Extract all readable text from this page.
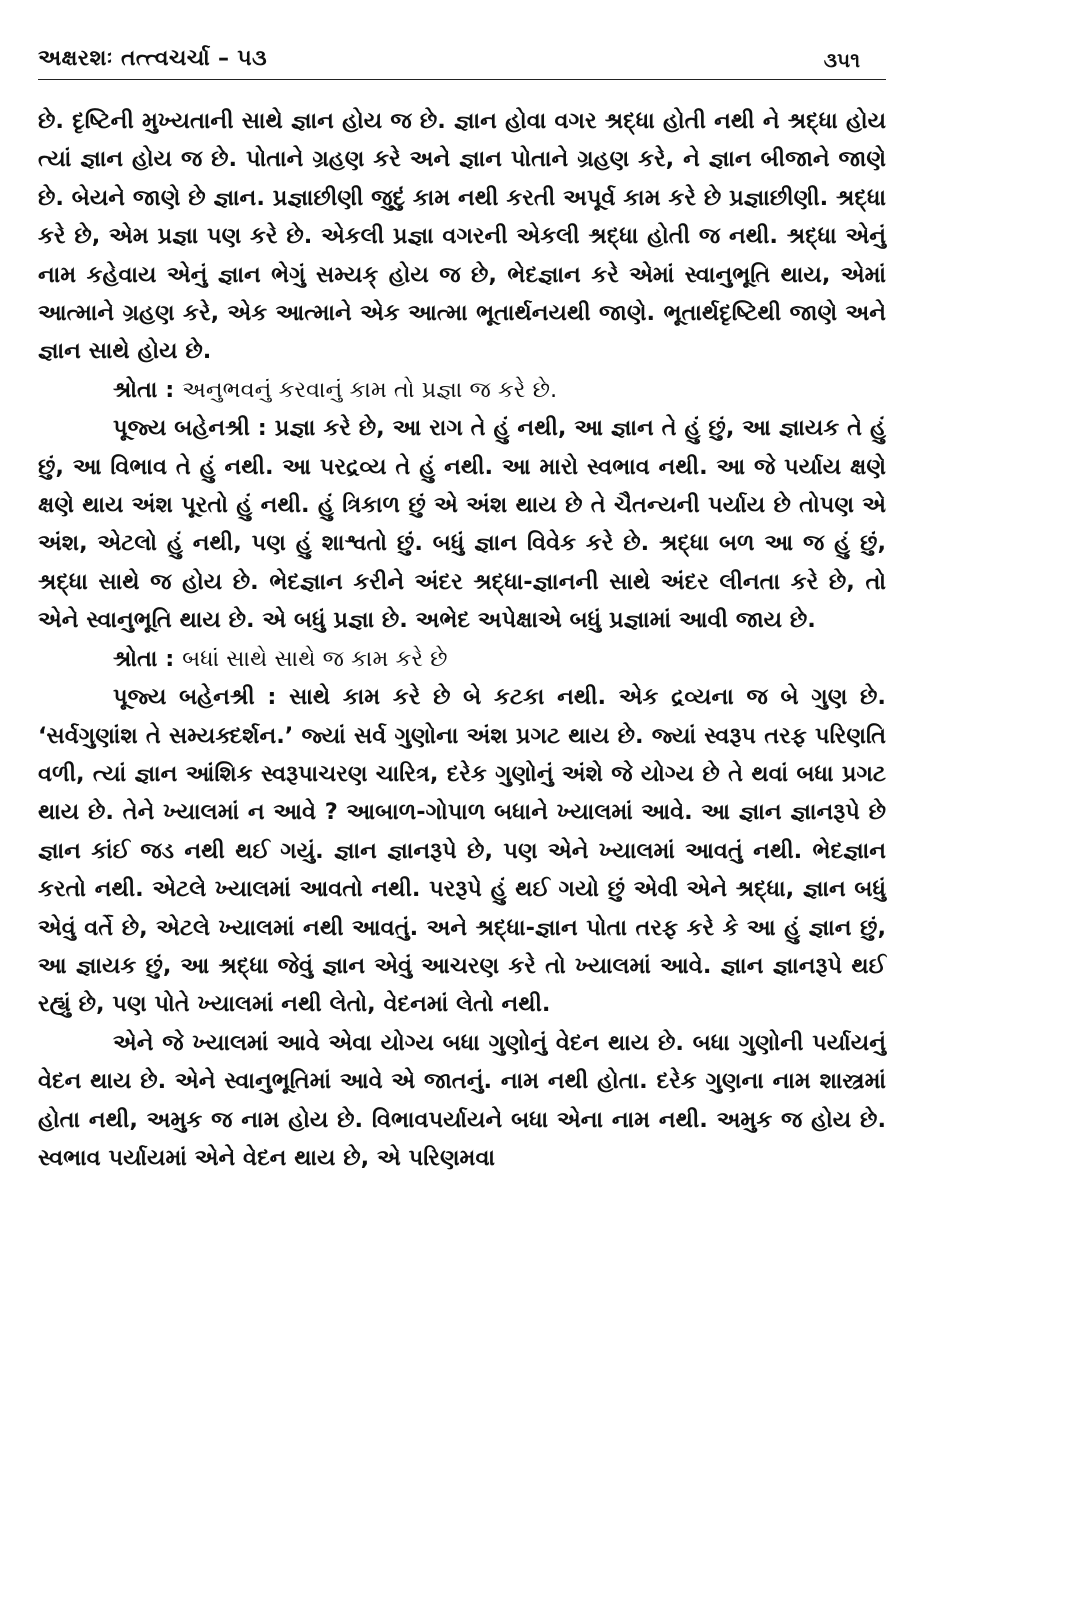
અક્ષરશઃ તત્ત્વચર્ચા – ૫૩	૩૫૧

છે. દૃષ્ટિની મુખ્યતાની સાથે જ્ઞાન હોય જ છે. જ્ઞાન હોવા વગર શ્રદ્ધા હોતી નથી ને શ્રદ્ધા હોય ત્યાં જ્ઞાન હોય જ છે. પોતાને ગ્રહણ કરે અને જ્ઞાન પોતાને ગ્રહણ કરે, ને જ્ઞાન બીજાને જાણે છે. બેયને જાણે છે જ્ઞાન. પ્રજ્ઞાછીણી જુદું કામ નથી કરતી અપૂર્વ કામ કરે છે પ્રજ્ઞાછીણી. શ્રદ્ધા કરે છે, એમ પ્રજ્ઞા પણ કરે છે. એકલી પ્રજ્ઞા વગરની એકલી શ્રદ્ધા હોતી જ નથી. શ્રદ્ધા એનું નામ કહેવાય એનું જ્ઞાન ભેગું સમ્યક્ હોય જ છે, ભેદજ્ઞાન કરે એમાં સ્વાનુભૂતિ થાય, એમાં આત્માને ગ્રહણ કરે, એક આત્માને એક આત્મા ભૂતાર્થનયથી જાણે. ભૂતાર્થદૃષ્ટિથી જાણે અને જ્ઞાન સાથે હોય છે.

શ્રોતા : અનુભવનું કરવાનું કામ તો પ્રજ્ઞા જ કરે છે.

પૂજ્ય બહેનશ્રી : પ્રજ્ઞા કરે છે, આ રાગ તે હું નથી, આ જ્ઞાન તે હું છું, આ જ્ઞાયક તે હું છું, આ વિભાવ તે હું નથી. આ પરદ્રવ્ય તે હું નથી. આ મારો સ્વભાવ નથી. આ જે પર્યાય ક્ષણે ક્ષણે થાય અંશ પૂરતો હું નથી. હું ત્રિકાળ છું એ અંશ થાય છે તે ચૈતન્યની પર્યાય છે તોપણ એ અંશ, એટલો હું નથી, પણ હું શાશ્વતો છું. બધું જ્ઞાન વિવેક કરે છે. શ્રદ્ધા બળ આ જ હું છું, શ્રદ્ધા સાથે જ હોય છે. ભેદજ્ઞાન કરીને અંદર શ્રદ્ધા-જ્ઞાનની સાથે અંદર લીનતા કરે છે, તો એને સ્વાનુભૂતિ થાય છે. એ બધું પ્રજ્ઞા છે. અભેદ અપેક્ષાએ બધું પ્રજ્ઞામાં આવી જાય છે.

શ્રોતા : બધાં સાથે સાથે જ કામ કરે છે

પૂજ્ય બહેનશ્રી : સાથે કામ કરે છે બે કટકા નથી. એક દ્રવ્યના જ બે ગુણ છે. ‘સર્વગુણાંશ તે સમ્યક્દર્શન.’ જ્યાં સર્વ ગુણોના અંશ પ્રગટ થાય છે. જ્યાં સ્વરૂપ તરફ પરિણતિ વળી, ત્યાં જ્ઞાન આંશિક સ્વરૂપાચરણ ચારિત્ર, દરેક ગુણોનું અંશે જે યોગ્ય છે તે થવાં બધા પ્રગટ થાય છે. તેને ખ્યાલમાં ન આવે ? આબાળ-ગોપાળ બધાને ખ્યાલમાં આવે. આ જ્ઞાન જ્ઞાનરૂપે છે જ્ઞાન કાંઈ જડ નથી થઈ ગયું. જ્ઞાન જ્ઞાનરૂપે છે, પણ એને ખ્યાલમાં આવતું નથી. ભેદજ્ઞાન કરતો નથી. એટલે ખ્યાલમાં આવતો નથી. પરરૂપે હું થઈ ગયો છું એવી એને શ્રદ્ધા, જ્ઞાન બધું એવું વર્તે છે, એટલે ખ્યાલમાં નથી આવતું. અને શ્રદ્ધા-જ્ઞાન પોતા તરફ કરે કે આ હું જ્ઞાન છું, આ જ્ઞાયક છું, આ શ્રદ્ધા જેવું જ્ઞાન એવું આચરણ કરે તો ખ્યાલમાં આવે. જ્ઞાન જ્ઞાનરૂપે થઈ રહ્યું છે, પણ પોતે ખ્યાલમાં નથી લેતો, વેદનમાં લેતો નથી.

એને જે ખ્યાલમાં આવે એવા યોગ્ય બધા ગુણોનું વેદન થાય છે. બધા ગુણોની પર્યાયનું વેદન થાય છે. એને સ્વાનુભૂતિમાં આવે એ જાતનું. નામ નથી હોતા. દરેક ગુણના નામ શાસ્ત્રમાં હોતા નથી, અમુક જ નામ હોય છે. વિભાવપર્યાયને બધા એના નામ નથી. અમુક જ હોય છે. સ્વભાવ પર્યાયમાં એને વેદન થાય છે, એ પરિણમવા
